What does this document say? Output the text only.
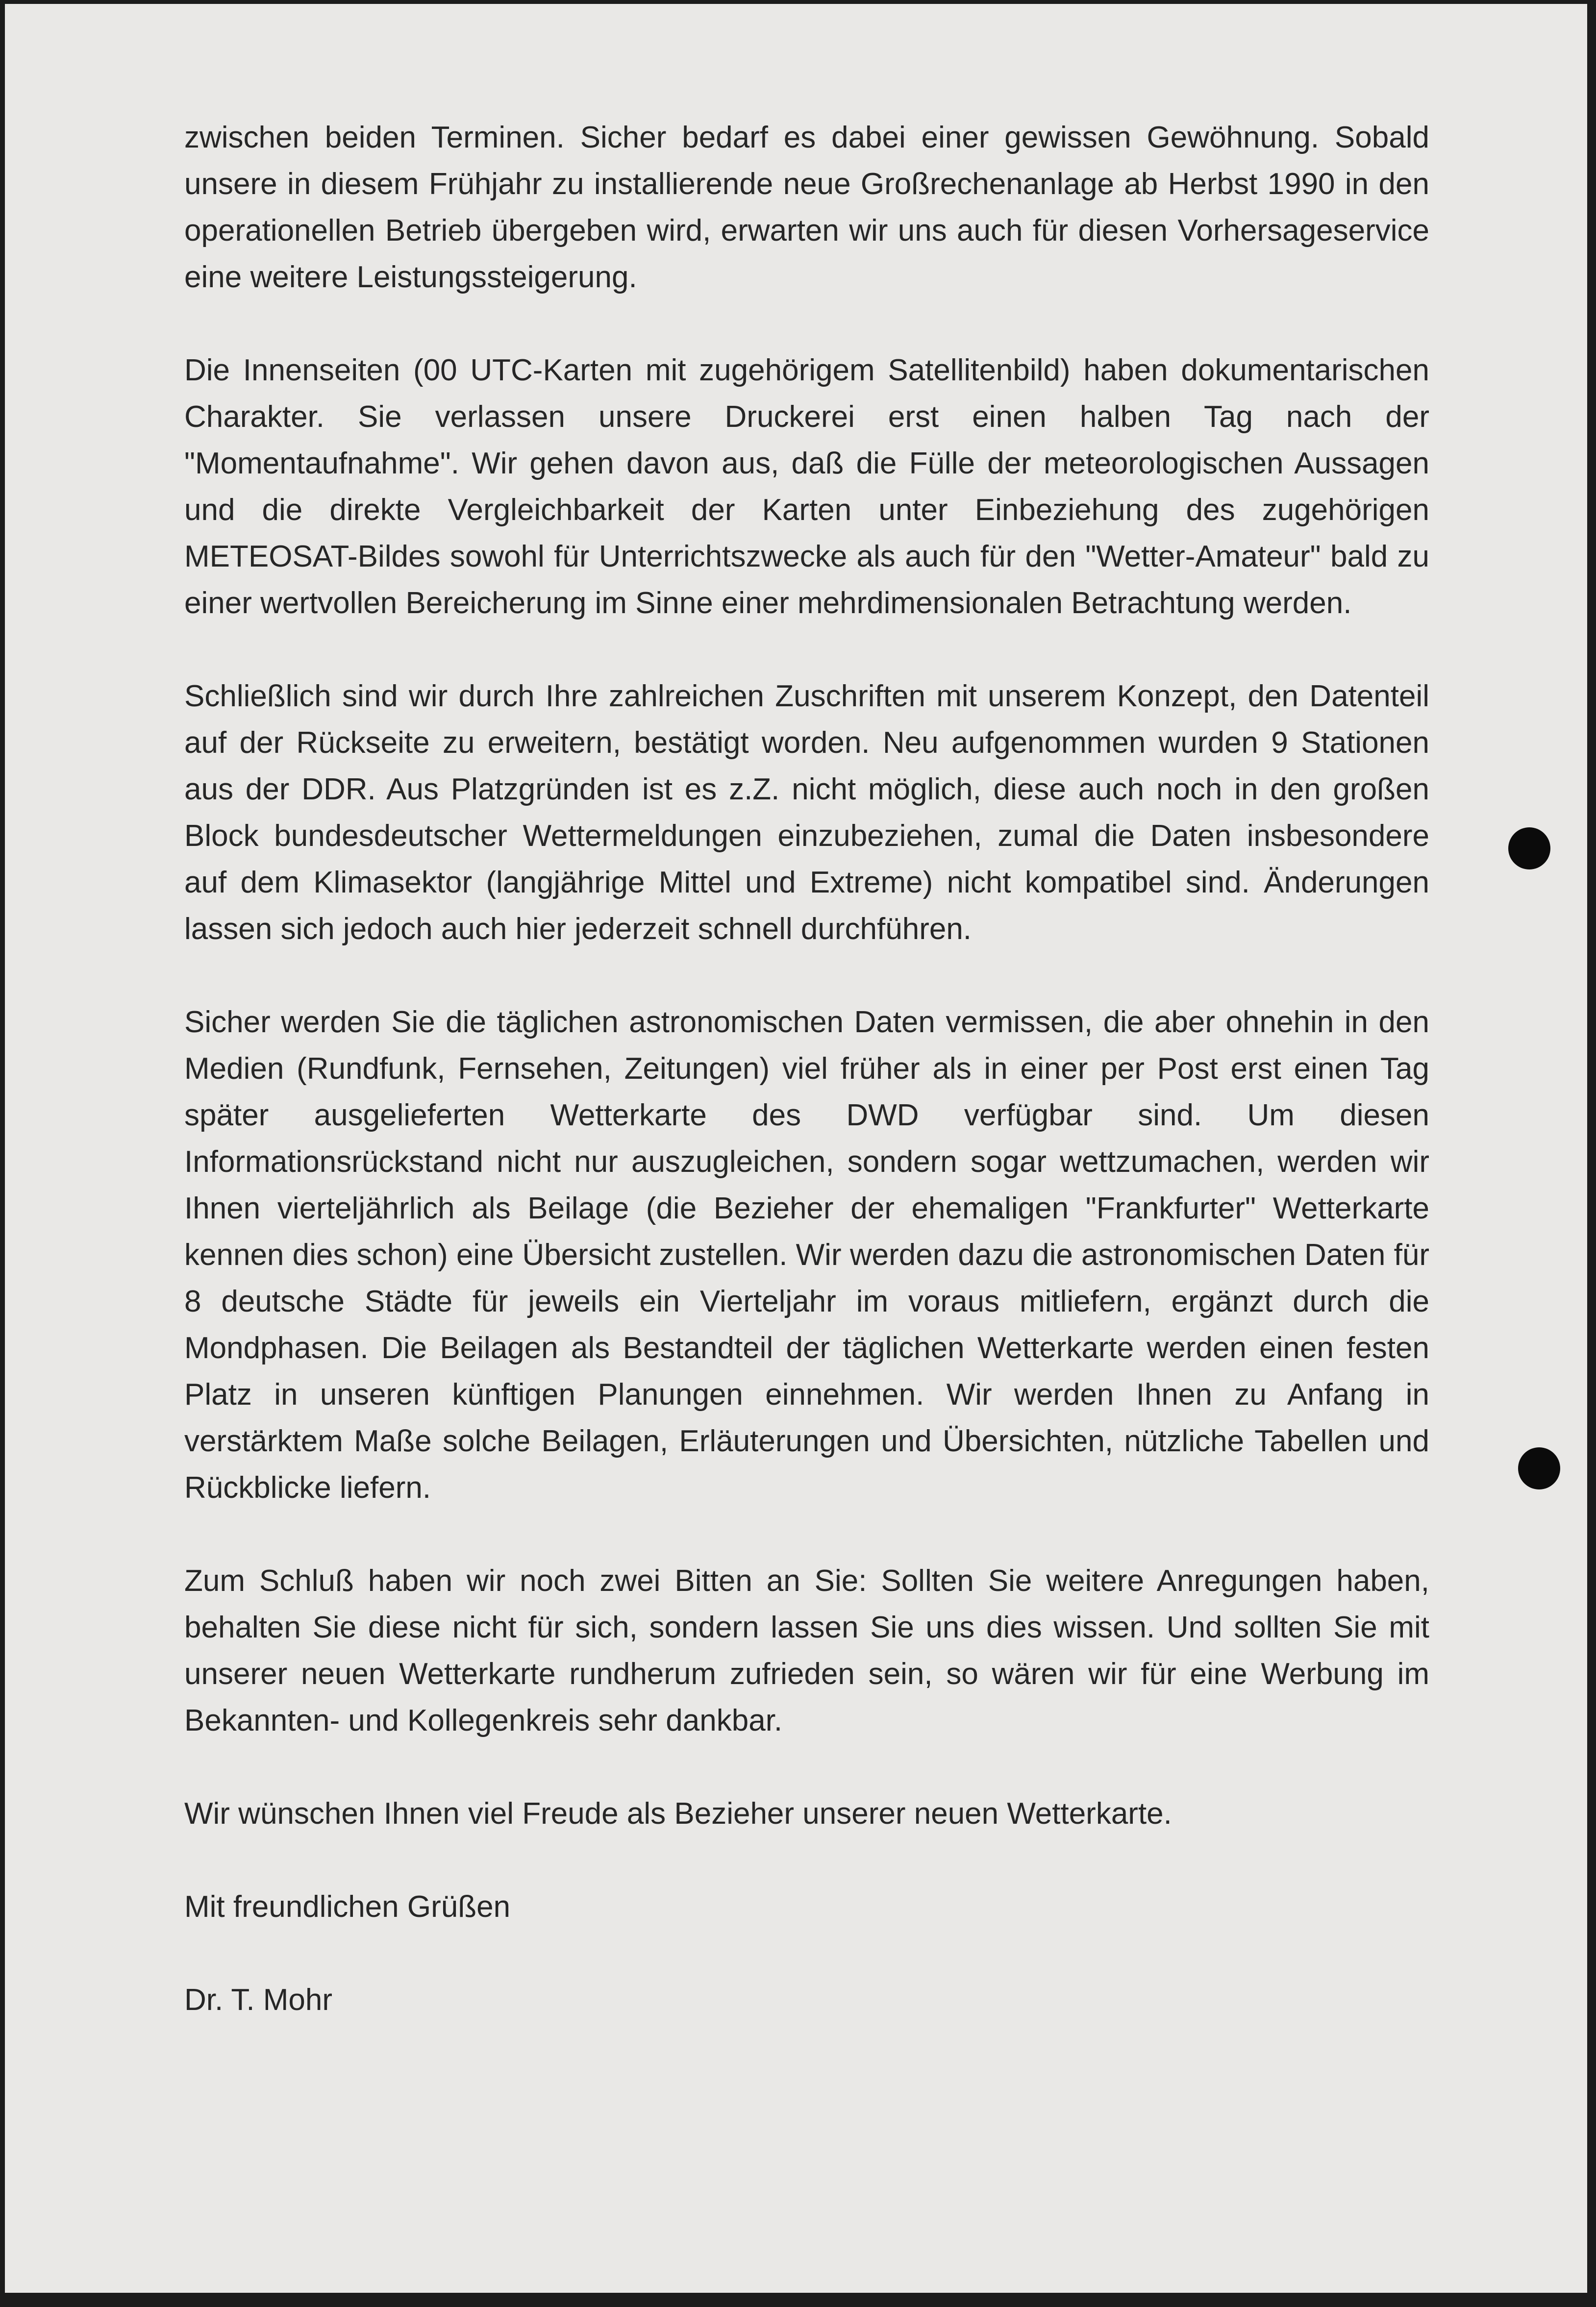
zwischen beiden Terminen. Sicher bedarf es dabei einer gewissen Gewöhnung. Sobald unsere in diesem Frühjahr zu installierende neue Großrechenanlage ab Herbst 1990 in den operationellen Betrieb übergeben wird, erwarten wir uns auch für diesen Vorhersageservice eine weitere Leistungssteigerung.

Die Innenseiten (00 UTC-Karten mit zugehörigem Satellitenbild) haben dokumentarischen Charakter. Sie verlassen unsere Druckerei erst einen halben Tag nach der "Momentaufnahme". Wir gehen davon aus, daß die Fülle der meteorologischen Aussagen und die direkte Vergleichbarkeit der Karten unter Einbeziehung des zugehörigen METEOSAT-Bildes sowohl für Unterrichtszwecke als auch für den "Wetter-Amateur" bald zu einer wertvollen Bereicherung im Sinne einer mehrdimensionalen Betrachtung werden.

Schließlich sind wir durch Ihre zahlreichen Zuschriften mit unserem Konzept, den Datenteil auf der Rückseite zu erweitern, bestätigt worden. Neu aufgenommen wurden 9 Stationen aus der DDR. Aus Platzgründen ist es z.Z. nicht möglich, diese auch noch in den großen Block bundesdeutscher Wettermeldungen einzubeziehen, zumal die Daten insbesondere auf dem Klimasektor (langjährige Mittel und Extreme) nicht kompatibel sind. Änderungen lassen sich jedoch auch hier jederzeit schnell durchführen.

Sicher werden Sie die täglichen astronomischen Daten vermissen, die aber ohnehin in den Medien (Rundfunk, Fernsehen, Zeitungen) viel früher als in einer per Post erst einen Tag später ausgelieferten Wetterkarte des DWD verfügbar sind. Um diesen Informationsrückstand nicht nur auszugleichen, sondern sogar wettzumachen, werden wir Ihnen vierteljährlich als Beilage (die Bezieher der ehemaligen "Frankfurter" Wetterkarte kennen dies schon) eine Übersicht zustellen. Wir werden dazu die astronomischen Daten für 8 deutsche Städte für jeweils ein Vierteljahr im voraus mitliefern, ergänzt durch die Mondphasen. Die Beilagen als Bestandteil der täglichen Wetterkarte werden einen festen Platz in unseren künftigen Planungen einnehmen. Wir werden Ihnen zu Anfang in verstärktem Maße solche Beilagen, Erläuterungen und Übersichten, nützliche Tabellen und Rückblicke liefern.

Zum Schluß haben wir noch zwei Bitten an Sie: Sollten Sie weitere Anregungen haben, behalten Sie diese nicht für sich, sondern lassen Sie uns dies wissen. Und sollten Sie mit unserer neuen Wetterkarte rundherum zufrieden sein, so wären wir für eine Werbung im Bekannten- und Kollegenkreis sehr dankbar.

Wir wünschen Ihnen viel Freude als Bezieher unserer neuen Wetterkarte.

Mit freundlichen Grüßen

Dr. T. Mohr
